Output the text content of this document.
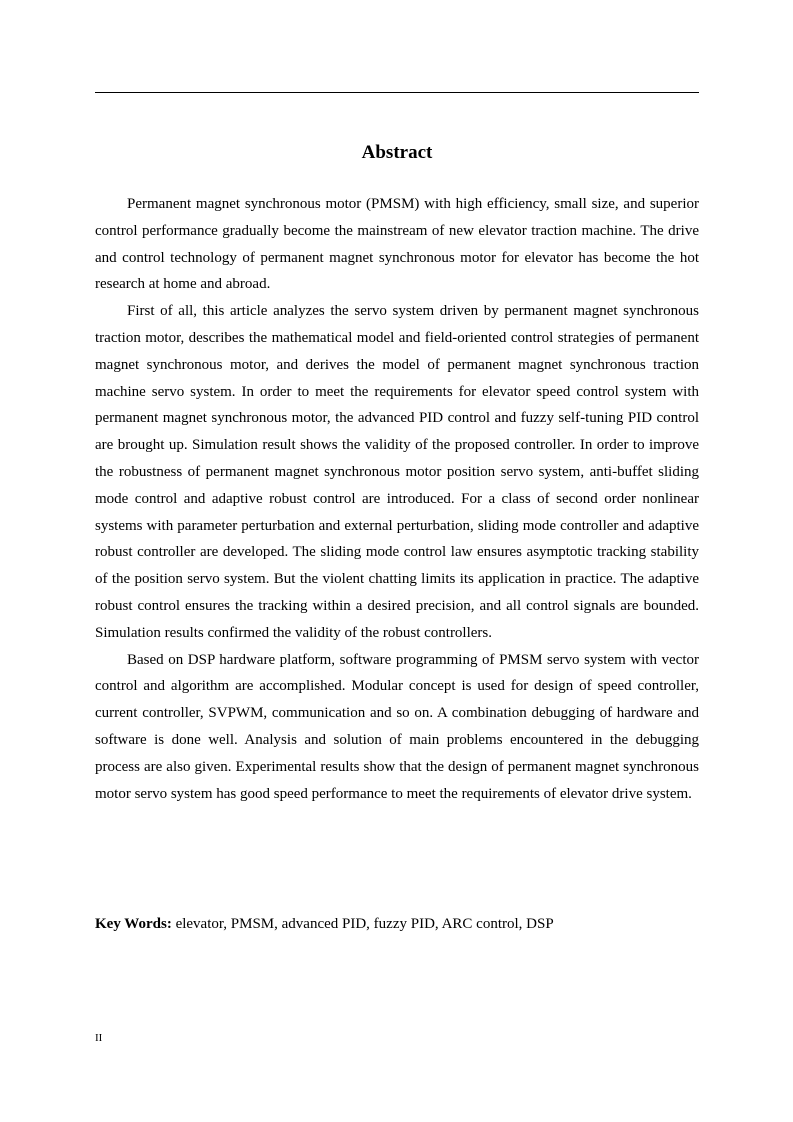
Abstract

Permanent magnet synchronous motor (PMSM) with high efficiency, small size, and superior control performance gradually become the mainstream of new elevator traction machine. The drive and control technology of permanent magnet synchronous motor for elevator has become the hot research at home and abroad.

First of all, this article analyzes the servo system driven by permanent magnet synchronous traction motor, describes the mathematical model and field-oriented control strategies of permanent magnet synchronous motor, and derives the model of permanent magnet synchronous traction machine servo system. In order to meet the requirements for elevator speed control system with permanent magnet synchronous motor, the advanced PID control and fuzzy self-tuning PID control are brought up. Simulation result shows the validity of the proposed controller. In order to improve the robustness of permanent magnet synchronous motor position servo system, anti-buffet sliding mode control and adaptive robust control are introduced. For a class of second order nonlinear systems with parameter perturbation and external perturbation, sliding mode controller and adaptive robust controller are developed. The sliding mode control law ensures asymptotic tracking stability of the position servo system. But the violent chatting limits its application in practice. The adaptive robust control ensures the tracking within a desired precision, and all control signals are bounded. Simulation results confirmed the validity of the robust controllers.

Based on DSP hardware platform, software programming of PMSM servo system with vector control and algorithm are accomplished. Modular concept is used for design of speed controller, current controller, SVPWM, communication and so on. A combination debugging of hardware and software is done well. Analysis and solution of main problems encountered in the debugging process are also given. Experimental results show that the design of permanent magnet synchronous motor servo system has good speed performance to meet the requirements of elevator drive system.

Key Words: elevator, PMSM, advanced PID, fuzzy PID, ARC control, DSP
II
